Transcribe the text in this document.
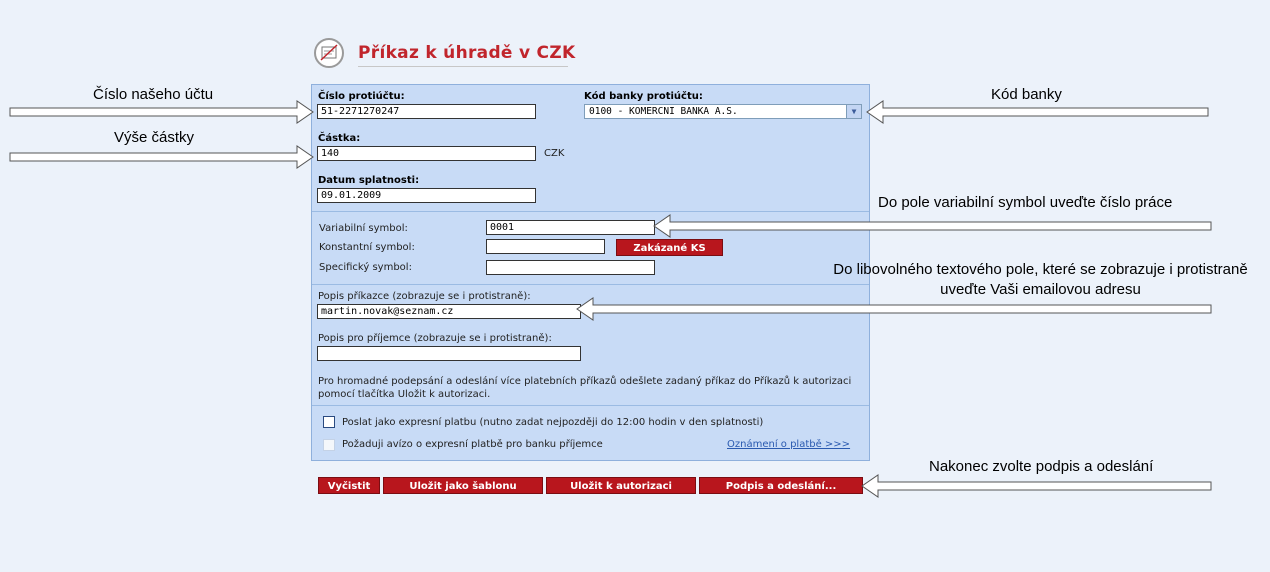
Příkaz k úhradě v CZK
Číslo protiúčtu:
51-2271270247
Kód banky protiúčtu:
0100 - KOMERCNI BANKA A.S.	▼
Částka:
140	CZK
Datum splatnosti:
09.01.2009
Variabilní symbol:	0001
Konstantní symbol:	Zakázané KS
Specifický symbol:
Popis příkazce (zobrazuje se i protistraně):
martin.novak@seznam.cz
Popis pro příjemce (zobrazuje se i protistraně):
Pro hromadné podepsání a odeslání více platebních příkazů odešlete zadaný příkaz do Příkazů k autorizaci pomocí tlačítka Uložit k autorizaci.
Poslat jako expresní platbu (nutno zadat nejpozději do 12:00 hodin v den splatnosti)
Požaduji avízo o expresní platbě pro banku příjemce	Oznámení o platbě >>>
Vyčistit	Uložit jako šablonu	Uložit k autorizaci	Podpis a odeslání...
Číslo našeho účtu
Výše částky
Kód banky
Do pole variabilní symbol uveďte číslo práce
Do libovolného textového pole, které se zobrazuje i protistraně
uveďte Vaši emailovou adresu
Nakonec zvolte podpis a odeslání
